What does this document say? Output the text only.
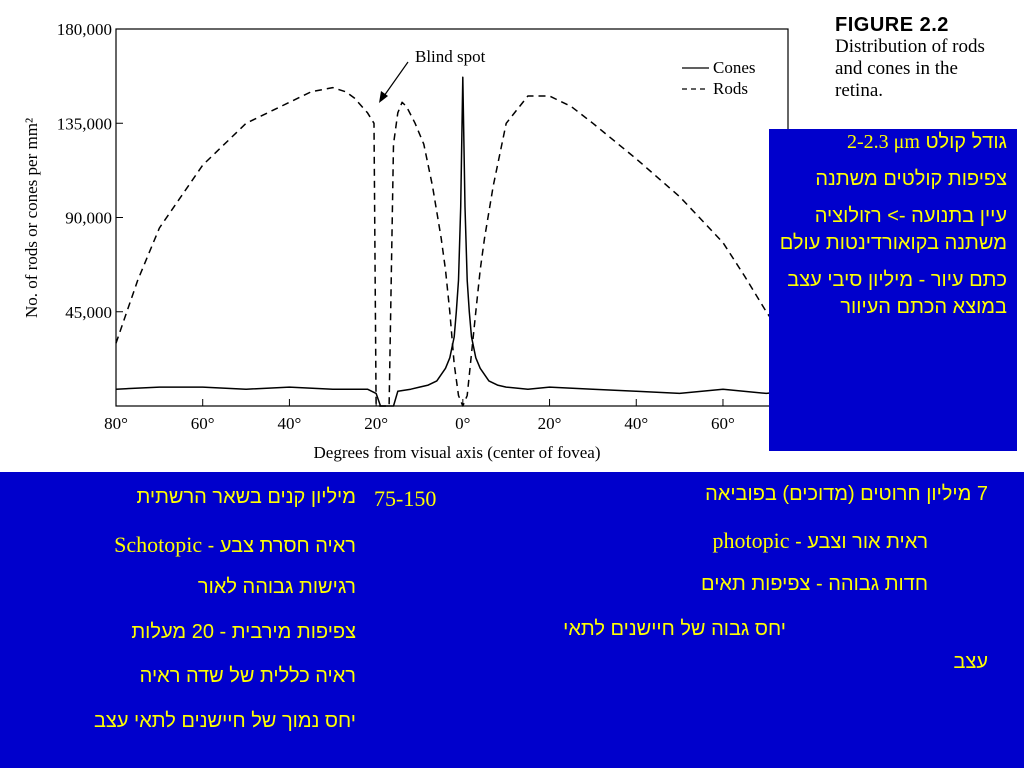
180,000
135,000
90,000
45,000
80°	60°	40°	20°	0°	20°	40°	60°
No. of rods or cones per mm²
Degrees from visual axis (center of fovea)
Blind spot
Cones
Rods
FIGURE 2.2
Distribution of rods and cones in the retina.

גודל קולט 2-2.3 μm

צפיפות קולטים משתנה

עיין בתנועה -> רזולוציה משתנה בקואורדינטות עולם

כתם עיור - מיליון סיבי עצב במוצא הכתם העיוור

75-150
מיליון קנים בשאר הרשתית
ראיה חסרת צבע - Schotopic
רגישות גבוהה לאור
צפיפות מירבית - 20 מעלות
ראיה כללית של שדה ראיה
יחס נמוך של חיישנים לתאי עצב
7 מיליון חרוטים (מדוכים) בפוביאה
ראית אור וצבע - photopic
חדות גבוהה - צפיפות תאים
יחס גבוה של חיישנים לתאי
עצב
